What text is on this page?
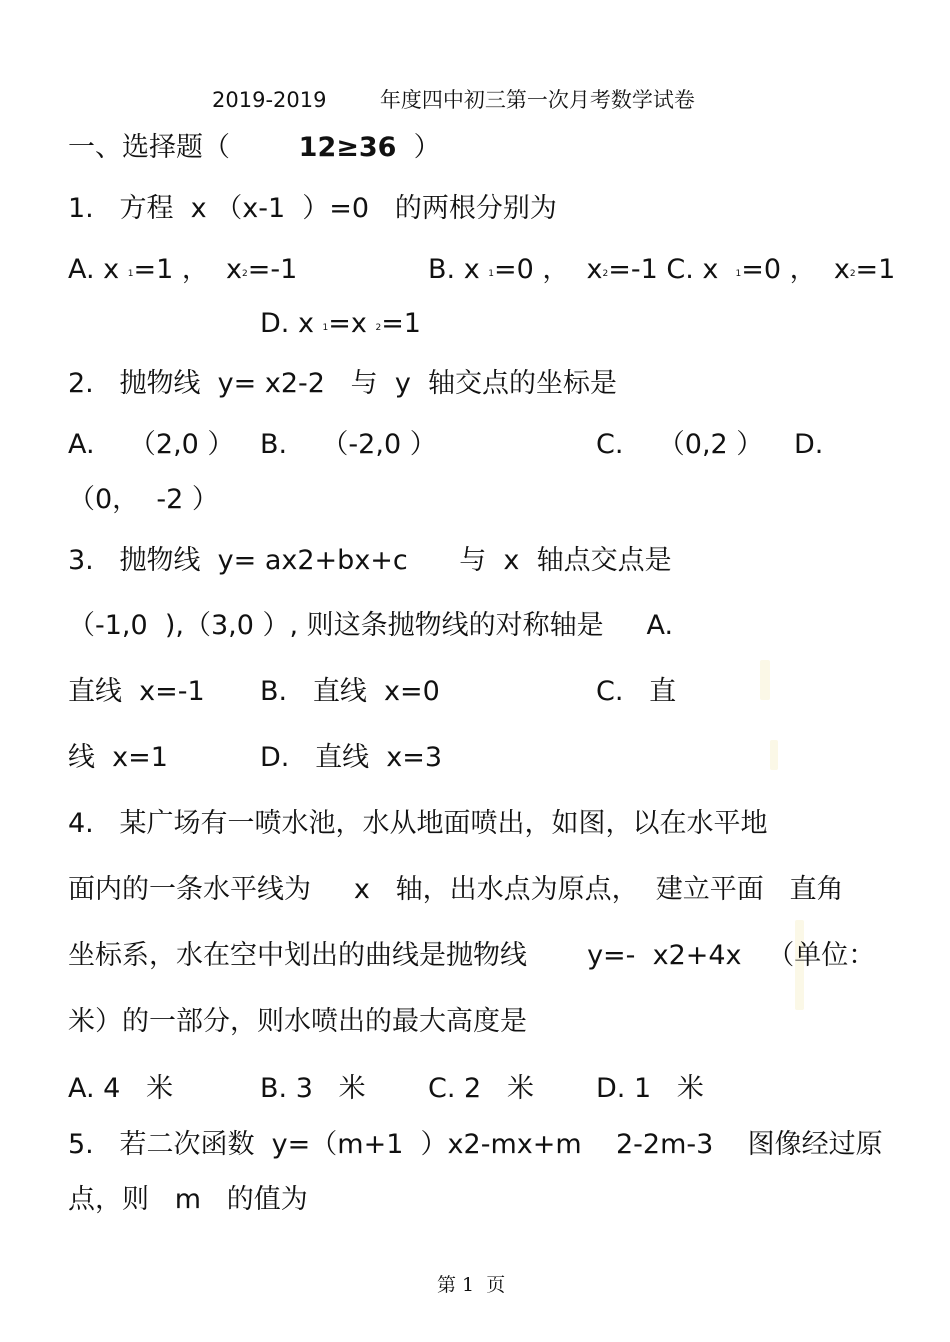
2019-2019        年度四中初三第一次月考数学试卷
一、选择题（        12≥36  ）
1.   方程  x （x-1  ）=0   的两根分别为
A. x $^1$=1 ，  $x^2=-1$	B. x $^1$=0 ，  $x^2=-1$ C. x  $^1$=0 ，  $x^2=1$
D. x $^1$=x $^2$=1
2.   抛物线  y= x2-2   与  y  轴交点的坐标是
A.    （2,0 ） B.    （-2,0 ）	C.    （0,2 ） D.
（0，  -2 ）
3.   抛物线  y= ax2+bx+c      与  x  轴点交点是
（-1,0  ),（3,0 ）, 则这条抛物线的对称轴是     A.
直线  x=-1 B.   直线  x=0	C.   直
线  x=1	D.   直线  x=3
4.   某广场有一喷水池，水从地面喷出，如图，以在水平地
面内的一条水平线为     x   轴，出水点为原点，  建立平面   直角
坐标系，水在空中划出的曲线是抛物线       y=-  x2+4x   （单位：
米）的一部分，则水喷出的最大高度是
A. 4   米	B. 3   米 C. 2   米 D. 1   米
5.   若二次函数  y=（m+1  ）x2-mx+m    2-2m-3    图像经过原
点，则   m   的值为
第 1  页
